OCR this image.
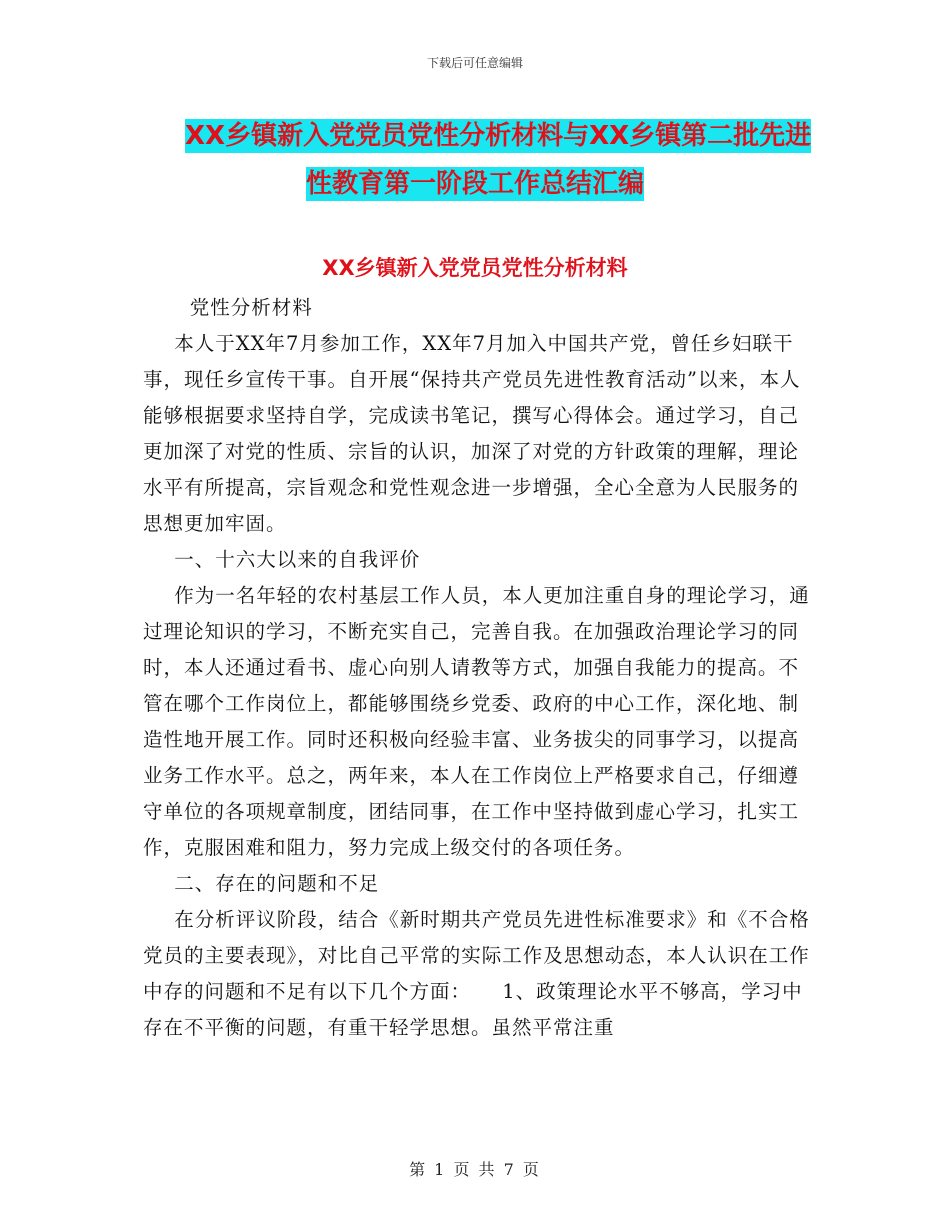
下载后可任意编辑
XX乡镇新入党党员党性分析材料与XX乡镇第二批先进
性教育第一阶段工作总结汇编
XX乡镇新入党党员党性分析材料

党性分析材料

本人于XX年7月参加工作，XX年7月加入中国共产党，曾任乡妇联干事，现任乡宣传干事。自开展“保持共产党员先进性教育活动”以来，本人能够根据要求坚持自学，完成读书笔记，撰写心得体会。通过学习，自己更加深了对党的性质、宗旨的认识，加深了对党的方针政策的理解，理论水平有所提高，宗旨观念和党性观念进一步增强，全心全意为人民服务的思想更加牢固。

一、十六大以来的自我评价

作为一名年轻的农村基层工作人员，本人更加注重自身的理论学习，通过理论知识的学习，不断充实自己，完善自我。在加强政治理论学习的同时，本人还通过看书、虚心向别人请教等方式，加强自我能力的提高。不管在哪个工作岗位上，都能够围绕乡党委、政府的中心工作，深化地、制造性地开展工作。同时还积极向经验丰富、业务拔尖的同事学习，以提高业务工作水平。总之，两年来，本人在工作岗位上严格要求自己，仔细遵守单位的各项规章制度，团结同事，在工作中坚持做到虚心学习，扎实工作，克服困难和阻力，努力完成上级交付的各项任务。

二、存在的问题和不足

在分析评议阶段，结合《新时期共产党员先进性标准要求》和《不合格党员的主要表现》，对比自己平常的实际工作及思想动态，本人认识在工作中存的问题和不足有以下几个方面：　　1、政策理论水平不够高，学习中存在不平衡的问题，有重干轻学思想。虽然平常注重

第 1 页 共 7 页
